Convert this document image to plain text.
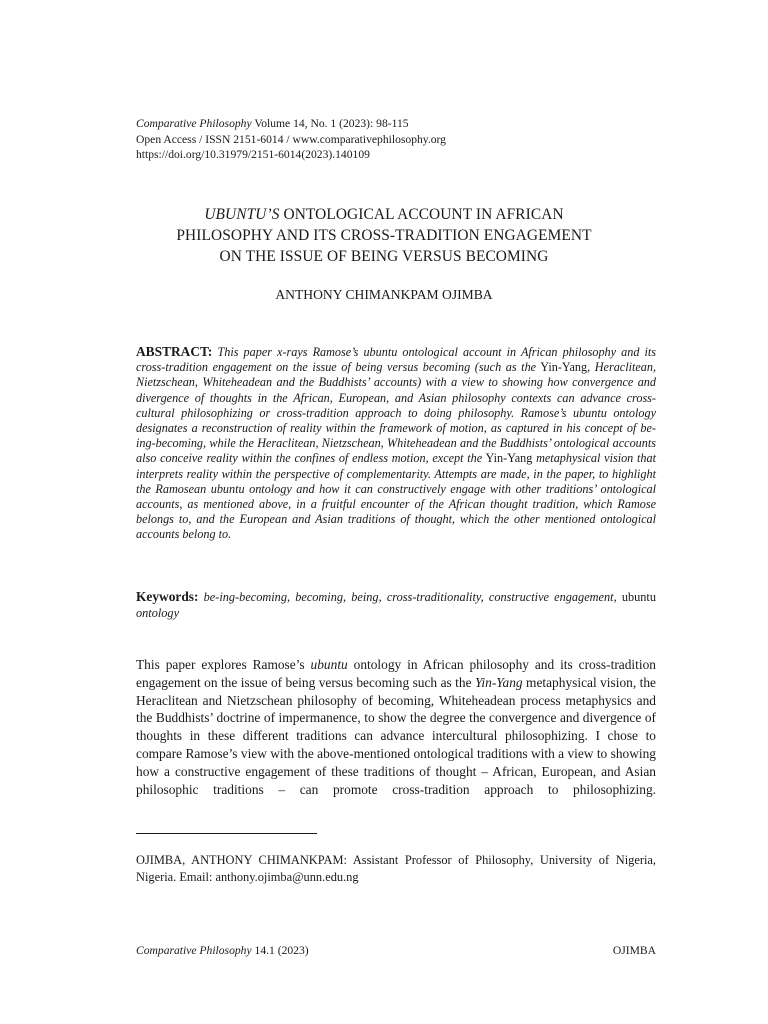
Comparative Philosophy Volume 14, No. 1 (2023): 98-115
Open Access / ISSN 2151-6014 / www.comparativephilosophy.org
https://doi.org/10.31979/2151-6014(2023).140109
UBUNTU’S ONTOLOGICAL ACCOUNT IN AFRICAN
PHILOSOPHY AND ITS CROSS-TRADITION ENGAGEMENT
ON THE ISSUE OF BEING VERSUS BECOMING
ANTHONY CHIMANKPAM OJIMBA
ABSTRACT: This paper x-rays Ramose’s ubuntu ontological account in African philosophy and its cross-tradition engagement on the issue of being versus becoming (such as the Yin-Yang, Heraclitean, Nietzschean, Whiteheadean and the Buddhists’ accounts) with a view to showing how convergence and divergence of thoughts in the African, European, and Asian philosophy contexts can advance cross-cultural philosophizing or cross-tradition approach to doing philosophy. Ramose’s ubuntu ontology designates a reconstruction of reality within the framework of motion, as captured in his concept of be-ing-becoming, while the Heraclitean, Nietzschean, Whiteheadean and the Buddhists’ ontological accounts also conceive reality within the confines of endless motion, except the Yin-Yang metaphysical vision that interprets reality within the perspective of complementarity. Attempts are made, in the paper, to highlight the Ramosean ubuntu ontology and how it can constructively engage with other traditions’ ontological accounts, as mentioned above, in a fruitful encounter of the African thought tradition, which Ramose belongs to, and the European and Asian traditions of thought, which the other mentioned ontological accounts belong to.
Keywords: be-ing-becoming, becoming, being, cross-traditionality, constructive engagement, ubuntu ontology
This paper explores Ramose’s ubuntu ontology in African philosophy and its cross-tradition engagement on the issue of being versus becoming such as the Yin-Yang metaphysical vision, the Heraclitean and Nietzschean philosophy of becoming, Whiteheadean process metaphysics and the Buddhists’ doctrine of impermanence, to show the degree the convergence and divergence of thoughts in these different traditions can advance intercultural philosophizing. I chose to compare Ramose’s view with the above-mentioned ontological traditions with a view to showing how a constructive engagement of these traditions of thought – African, European, and Asian philosophic traditions – can promote cross-tradition approach to philosophizing.
OJIMBA, ANTHONY CHIMANKPAM: Assistant Professor of Philosophy, University of Nigeria, Nigeria. Email: anthony.ojimba@unn.edu.ng
Comparative Philosophy 14.1 (2023)	OJIMBA
